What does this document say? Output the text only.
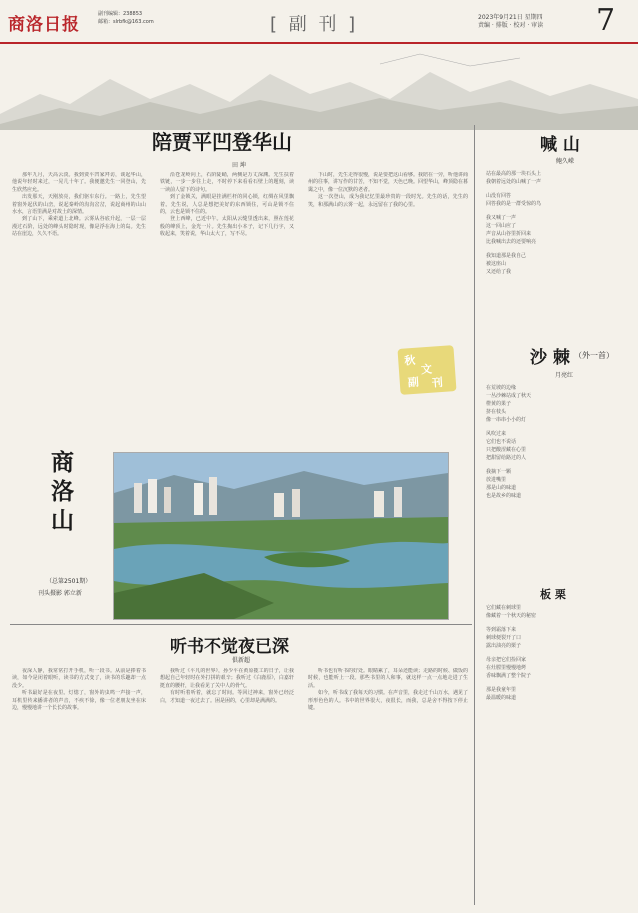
商洛日报
副刊编辑：238853
邮箱：slrbfk@163.com	[ 副 刊 ]	2023年9月21日 星期四
责编 · 排版 · 校对 · 审读 7
陪贾平凹登华山
田 坤

那年九月，天高云淡。我到贾平凹家拜访，谈起华山，他说年轻时来过，一晃几十年了。我便邀先生一同登山，先生欣然应允。

出发那天，天刚放亮，我们驱车东行。一路上，先生望着窗外起伏的山峦，说起秦岭的沟沟岔岔，说起商州的山山水水，言语里满是对故土的深情。

到了山下，乘索道上北峰。云雾从谷底升起，一层一层漫过石阶，远处的峰头时隐时现，像是浮在海上的岛。先生站在崖边，久久不语。

沿苍龙岭向上，石阶陡峭，两侧是万丈深渊。先生扶着铁链，一步一步往上走，不时停下来看看石壁上的题刻，读一读前人留下的诗句。

到了金锁关，满眼是挂满栏杆的同心锁，红绸在风里飘着。先生说，人总是想把美好的东西锁住，可山是锁不住的，云也是锁不住的。

登上西峰，已近中午。太阳从云缝里透出来，照在莲花般的峰顶上，金光一片。先生掏出小本子，记下几行字，又收起来，笑着说，华山太大了，写不尽。

下山时，先生走得很慢，说是要把这山看够。我陪在一旁，听他讲商州的往事，讲写作的甘苦，不知不觉，天色已晚。回望华山，峰顶隐在暮霭之中，像一位沉默的老者。

这一次登山，成为我记忆里最珍贵的一段时光。先生的话，先生的笑，和那满山的云雾一起，永远留在了我的心里。

秋
文
副 刊
喊 山
鲍久嵘
站在最高的那一块石头上
我朝着远处的山喊了一声
山没有回答
回答我的是一群受惊的鸟
我又喊了一声
这一回山应了
声音从山谷里折回来
比我喊出去的还要响亮
我知道那是我自己
被这座山
又还给了我
沙 棘 （外一首）
月亮红
在荒坡的边缘
一丛沙棘站成了秋天
橙黄的果子
挤在枝头
像一串串小小的灯
风吹过来
它们也不说话
只把酸涩藏在心里
把甜留给路过的人
我摘下一颗
放进嘴里
那是山的味道
也是故乡的味道
板 栗
它们藏在刺球里
像藏着一个秋天的秘密
等到霜落下来
刺球便裂开了口
露出油亮的栗子
母亲把它们捡回家
在灶膛里慢慢地烤
香味飘满了整个院子
那是我童年里
最温暖的味道
商洛山
（总第2501期）
刊头摄影 郭立新
听书不觉夜已深
俱新超

夜深人静，我常常打开手机，听一段书。从前是捧着书读，如今是闭着眼听，读书的方式变了，读书的乐趣却一点没少。

听书最好是在夜里。灯熄了，窗外的虫鸣一声接一声，耳机里传来播讲者的声音，不疾不徐，像一位老朋友坐在床边，慢慢地讲一个长长的故事。

我听过《平凡的世界》，孙少平在黄原揽工的日子，让我想起自己年轻时在外打拼的艰辛；我听过《白鹿原》，白嘉轩挺直的腰杆，让我看见了关中人的骨气。

有时听着听着，就忘了时间。等回过神来，窗外已经泛白，才知道一夜过去了。困是困的，心里却是满满的。

听书也有听书的好处。眼睛累了，耳朵还能读；走路的时候、做饭的时候，也能听上一段。那些书里的人和事，就这样一点一点地走进了生活。

如今，听书成了我每天的习惯。在声音里，我走过千山万水，遇见了形形色色的人。书中的世界很大，夜很长，而我，总是舍不得按下停止键。
